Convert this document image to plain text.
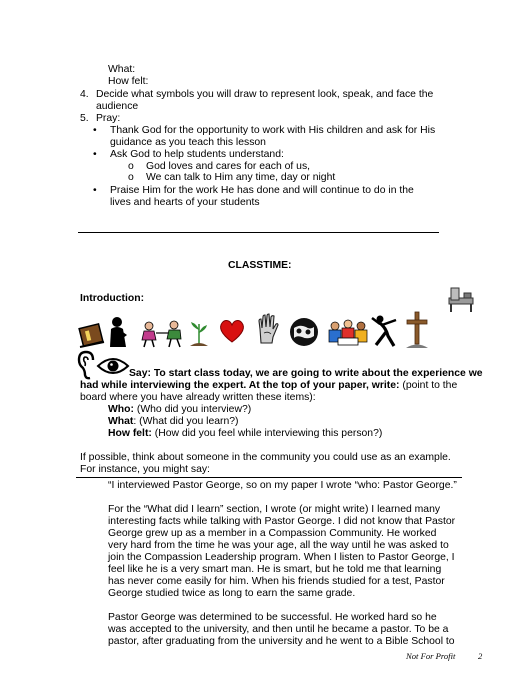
What:
How felt:
4. Decide what symbols you will draw to represent look, speak, and face the
audience
5. Pray:
• Thank God for the opportunity to work with His children and ask for His
guidance as you teach this lesson
• Ask God to help students understand:
o God loves and cares for each of us,
o We can talk to Him any time, day or night
• Praise Him for the work He has done and will continue to do in the
lives and hearts of your students
CLASSTIME:
Introduction:
Say: To start class today, we are going to write about the experience we
had while interviewing the expert. At the top of your paper, write: (point to the
board where you have already written these items):
Who: (Who did you interview?)
What: (What did you learn?)
How felt: (How did you feel while interviewing this person?)
If possible, think about someone in the community you could use as an example.
For instance, you might say:
“I interviewed Pastor George, so on my paper I wrote “who: Pastor George.”
For the “What did I learn” section, I wrote (or might write) I learned many
interesting facts while talking with Pastor George. I did not know that Pastor
George grew up as a member in a Compassion Community. He worked
very hard from the time he was your age, all the way until he was asked to
join the Compassion Leadership program. When I listen to Pastor George, I
feel like he is a very smart man. He is smart, but he told me that learning
has never come easily for him. When his friends studied for a test, Pastor
George studied twice as long to earn the same grade.
Pastor George was determined to be successful. He worked hard so he
was accepted to the university, and then until he became a pastor. To be a
pastor, after graduating from the university and he went to a Bible School to
Not For Profit	2
